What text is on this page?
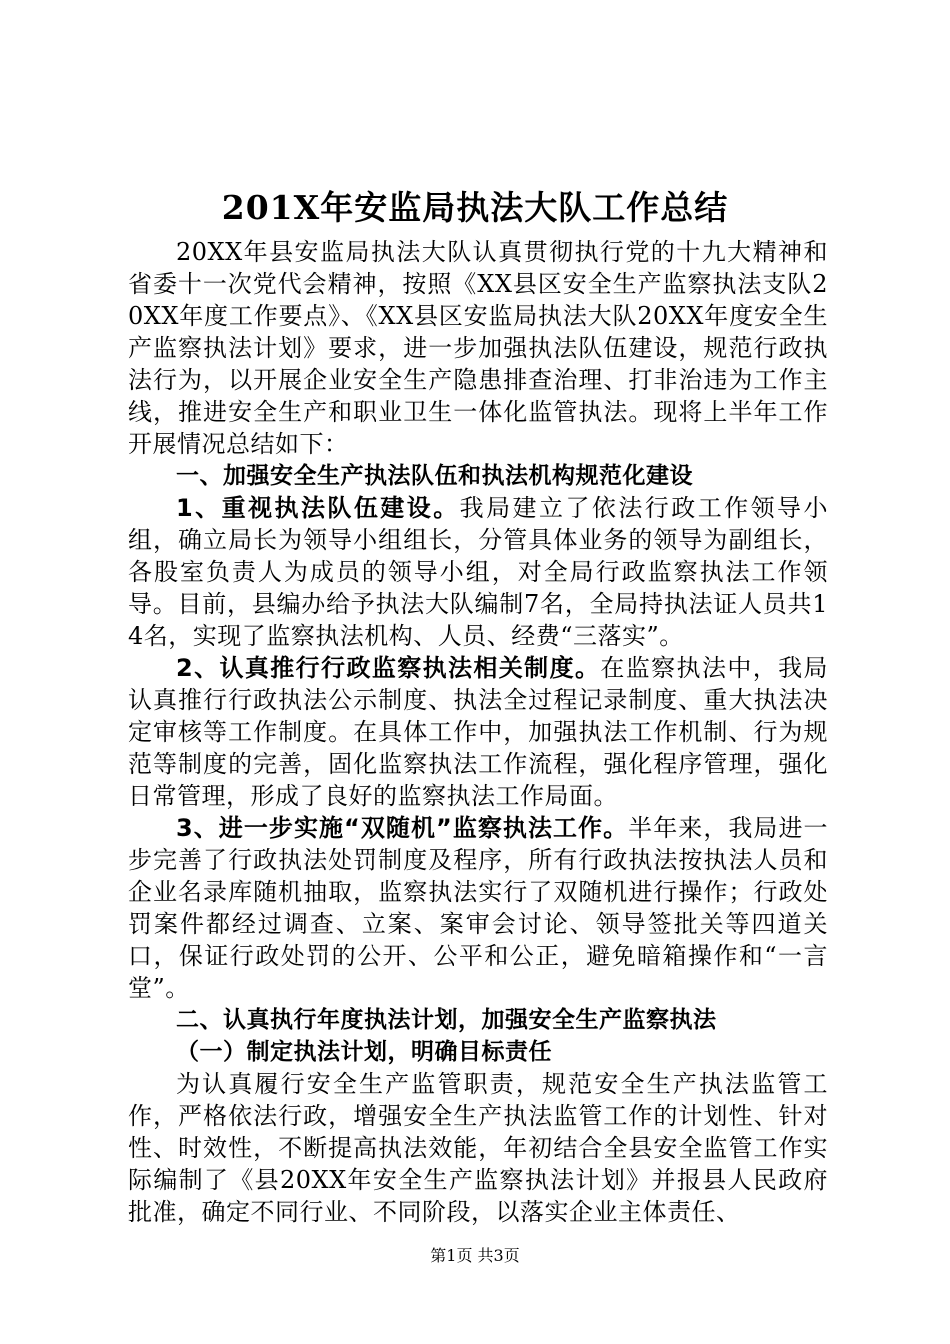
201X年安监局执法大队工作总结

20XX年县安监局执法大队认真贯彻执行党的十九大精神和省委十一次党代会精神，按照《XX县区安全生产监察执法支队20XX年度工作要点》、《XX县区安监局执法大队20XX年度安全生产监察执法计划》要求，进一步加强执法队伍建设，规范行政执法行为，以开展企业安全生产隐患排查治理、打非治违为工作主线，推进安全生产和职业卫生一体化监管执法。现将上半年工作开展情况总结如下：

一、加强安全生产执法队伍和执法机构规范化建设

1、重视执法队伍建设。我局建立了依法行政工作领导小组，确立局长为领导小组组长，分管具体业务的领导为副组长，各股室负责人为成员的领导小组，对全局行政监察执法工作领导。目前，县编办给予执法大队编制7名，全局持执法证人员共14名，实现了监察执法机构、人员、经费“三落实”。

2、认真推行行政监察执法相关制度。在监察执法中，我局认真推行行政执法公示制度、执法全过程记录制度、重大执法决定审核等工作制度。在具体工作中，加强执法工作机制、行为规范等制度的完善，固化监察执法工作流程，强化程序管理，强化日常管理，形成了良好的监察执法工作局面。

3、进一步实施“双随机”监察执法工作。半年来，我局进一步完善了行政执法处罚制度及程序，所有行政执法按执法人员和企业名录库随机抽取，监察执法实行了双随机进行操作；行政处罚案件都经过调查、立案、案审会讨论、领导签批关等四道关口，保证行政处罚的公开、公平和公正，避免暗箱操作和“一言堂”。

二、认真执行年度执法计划，加强安全生产监察执法

（一）制定执法计划，明确目标责任

为认真履行安全生产监管职责，规范安全生产执法监管工作，严格依法行政，增强安全生产执法监管工作的计划性、针对性、时效性，不断提高执法效能，年初结合全县安全监管工作实际编制了《县20XX年安全生产监察执法计划》并报县人民政府批准，确定不同行业、不同阶段，以落实企业主体责任、

第1页 共3页
